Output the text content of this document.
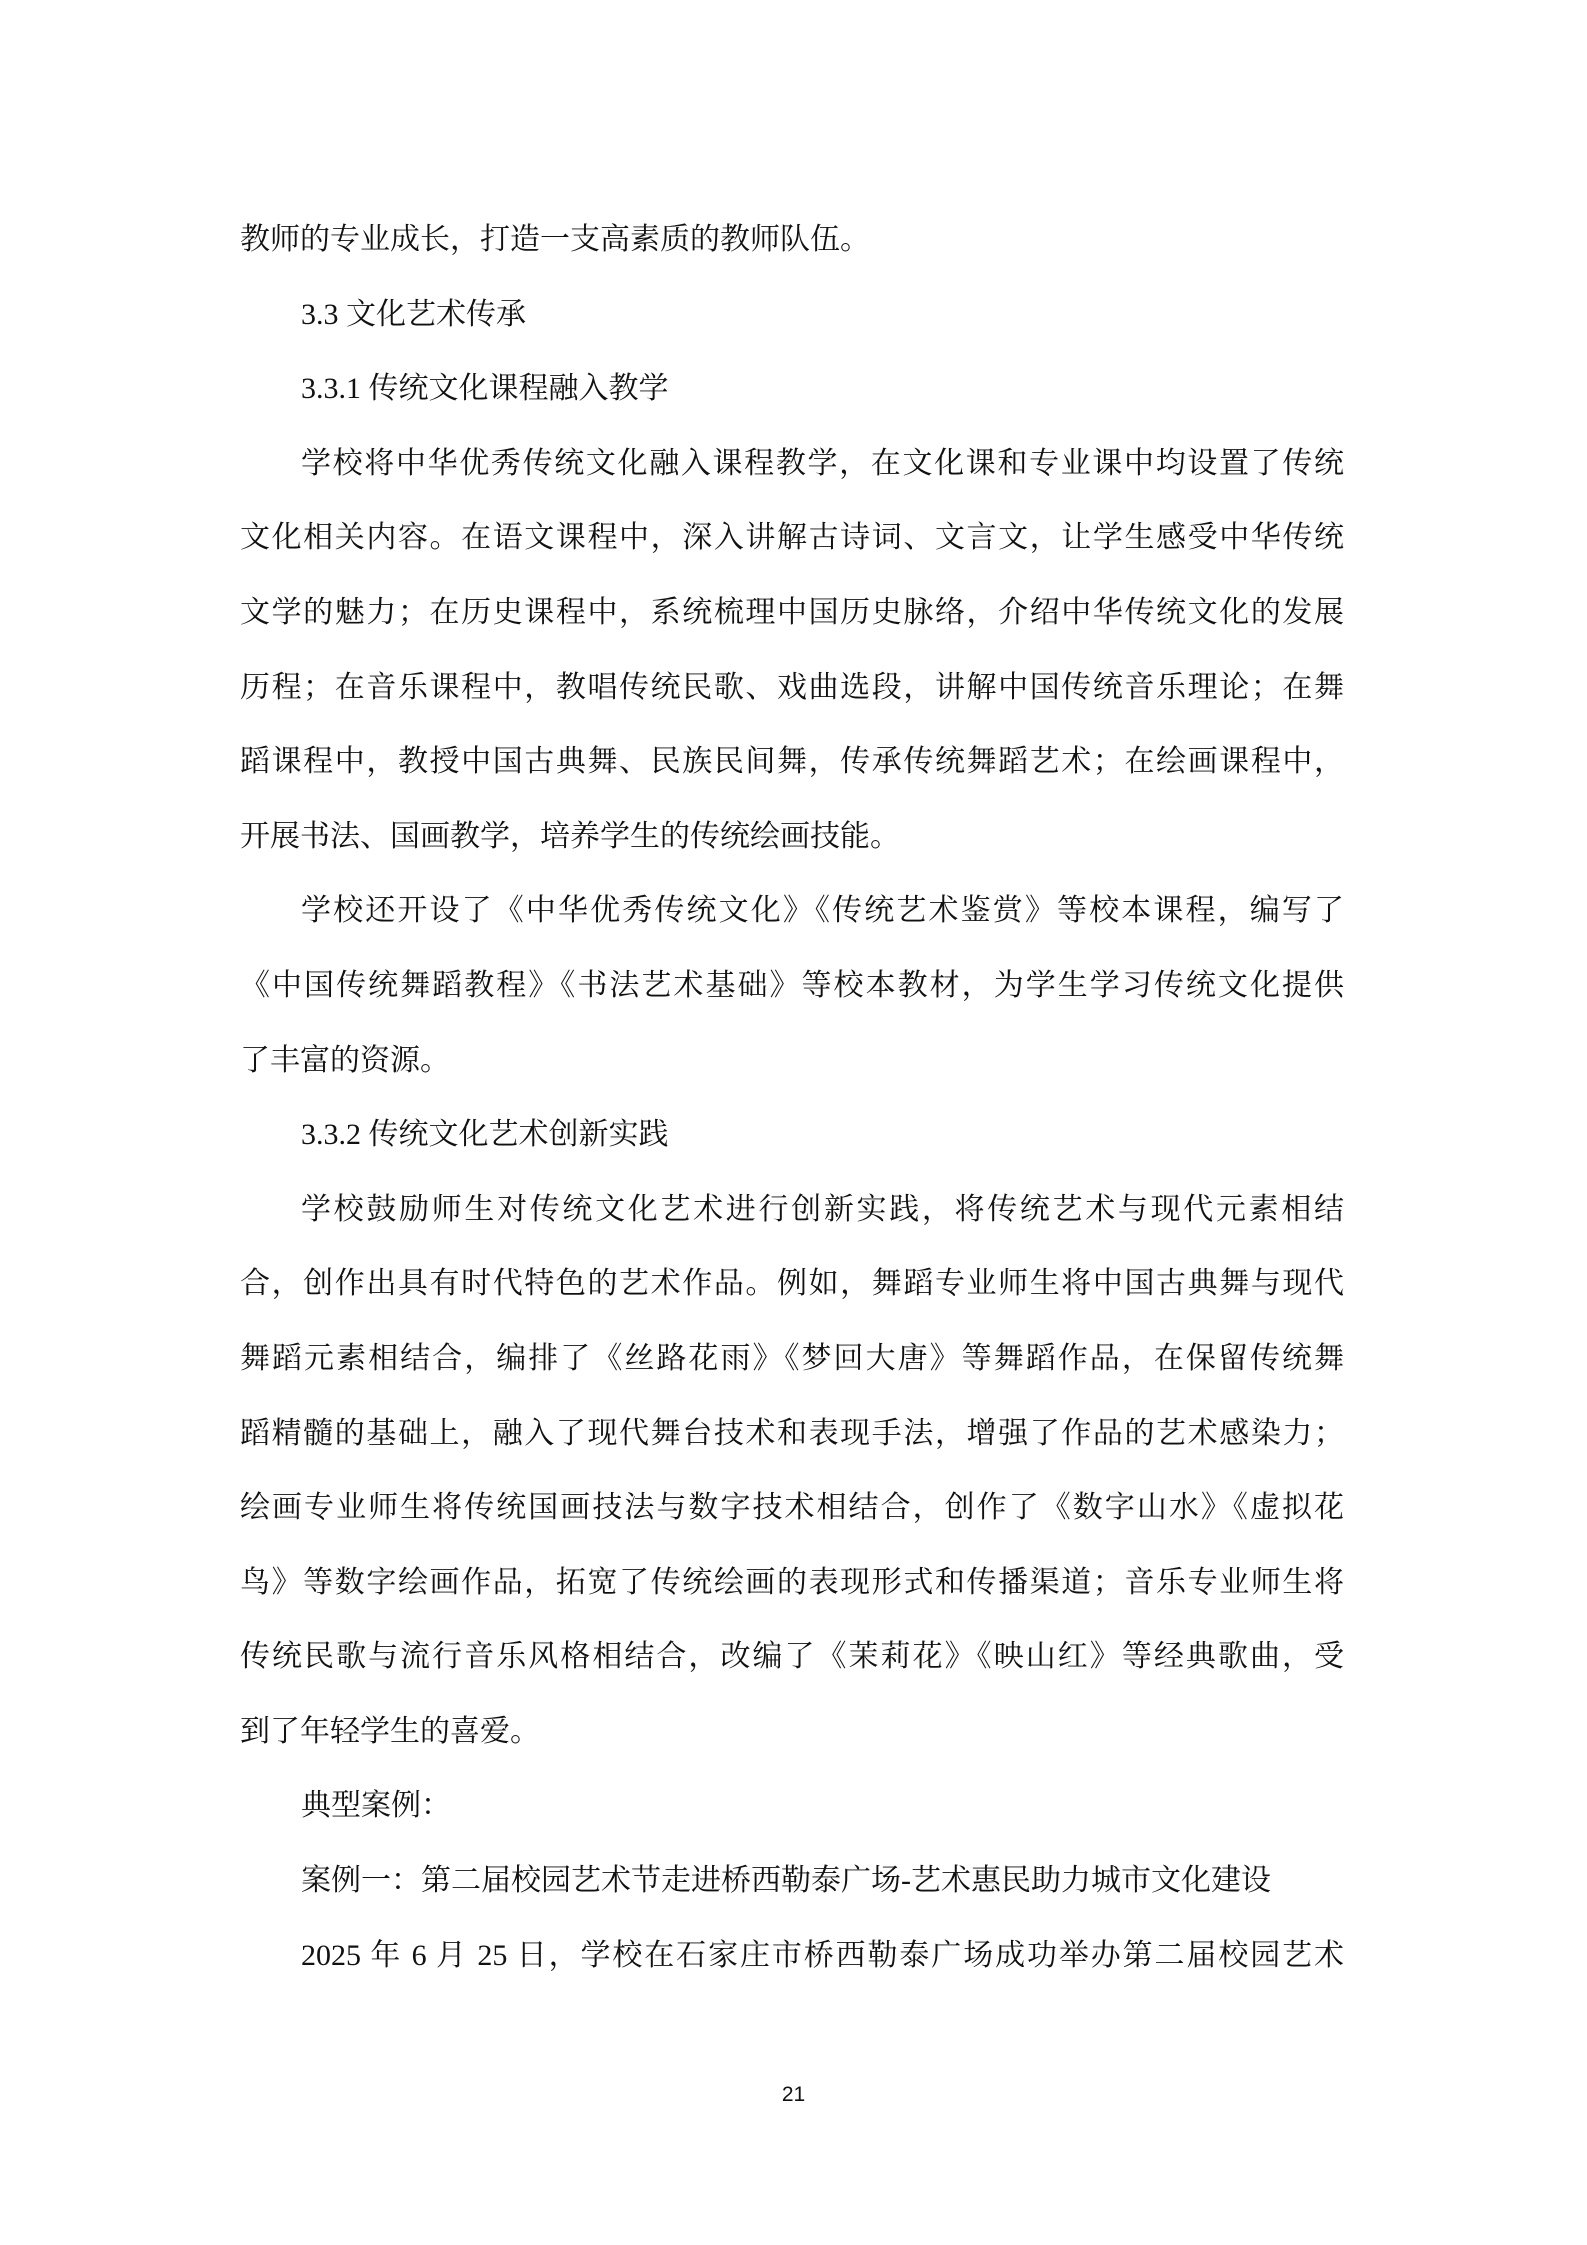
教师的专业成长，打造一支高素质的教师队伍。
3.3 文化艺术传承
3.3.1 传统文化课程融入教学
学校将中华优秀传统文化融入课程教学，在文化课和专业课中均设置了传统
文化相关内容。在语文课程中，深入讲解古诗词、文言文，让学生感受中华传统
文学的魅力；在历史课程中，系统梳理中国历史脉络，介绍中华传统文化的发展
历程；在音乐课程中，教唱传统民歌、戏曲选段，讲解中国传统音乐理论；在舞
蹈课程中，教授中国古典舞、民族民间舞，传承传统舞蹈艺术；在绘画课程中，
开展书法、国画教学，培养学生的传统绘画技能。
学校还开设了《中华优秀传统文化》《传统艺术鉴赏》等校本课程，编写了
《中国传统舞蹈教程》《书法艺术基础》等校本教材，为学生学习传统文化提供
了丰富的资源。
3.3.2 传统文化艺术创新实践
学校鼓励师生对传统文化艺术进行创新实践，将传统艺术与现代元素相结
合，创作出具有时代特色的艺术作品。例如，舞蹈专业师生将中国古典舞与现代
舞蹈元素相结合，编排了《丝路花雨》《梦回大唐》等舞蹈作品，在保留传统舞
蹈精髓的基础上，融入了现代舞台技术和表现手法，增强了作品的艺术感染力；
绘画专业师生将传统国画技法与数字技术相结合，创作了《数字山水》《虚拟花
鸟》等数字绘画作品，拓宽了传统绘画的表现形式和传播渠道；音乐专业师生将
传统民歌与流行音乐风格相结合，改编了《茉莉花》《映山红》等经典歌曲，受
到了年轻学生的喜爱。
典型案例：
案例一：第二届校园艺术节走进桥西勒泰广场-艺术惠民助力城市文化建设
2025 年 6 月 25 日，学校在石家庄市桥西勒泰广场成功举办第二届校园艺术
21
